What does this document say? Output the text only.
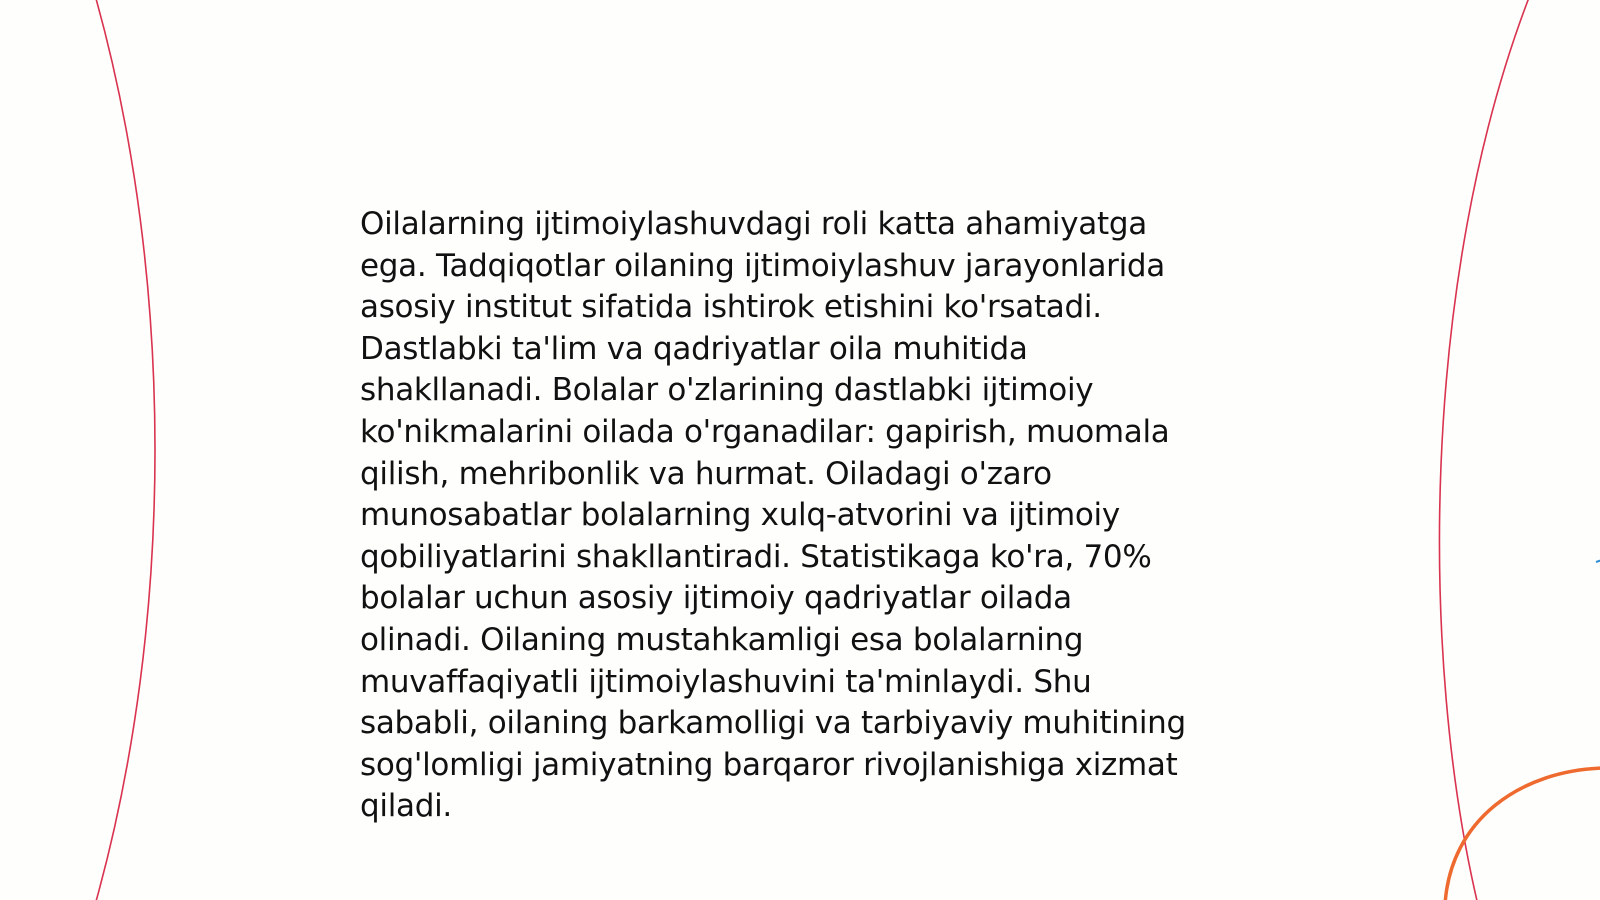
Oilalarning ijtimoiylashuvdagi roli katta ahamiyatga
ega. Tadqiqotlar oilaning ijtimoiylashuv jarayonlarida
asosiy institut sifatida ishtirok etishini ko'rsatadi.
Dastlabki ta'lim va qadriyatlar oila muhitida
shakllanadi. Bolalar o'zlarining dastlabki ijtimoiy
ko'nikmalarini oilada o'rganadilar: gapirish, muomala
qilish, mehribonlik va hurmat. Oiladagi o'zaro
munosabatlar bolalarning xulq-atvorini va ijtimoiy
qobiliyatlarini shakllantiradi. Statistikaga ko'ra, 70%
bolalar uchun asosiy ijtimoiy qadriyatlar oilada
olinadi. Oilaning mustahkamligi esa bolalarning
muvaffaqiyatli ijtimoiylashuvini ta'minlaydi. Shu
sababli, oilaning barkamolligi va tarbiyaviy muhitining
sog'lomligi jamiyatning barqaror rivojlanishiga xizmat
qiladi.
